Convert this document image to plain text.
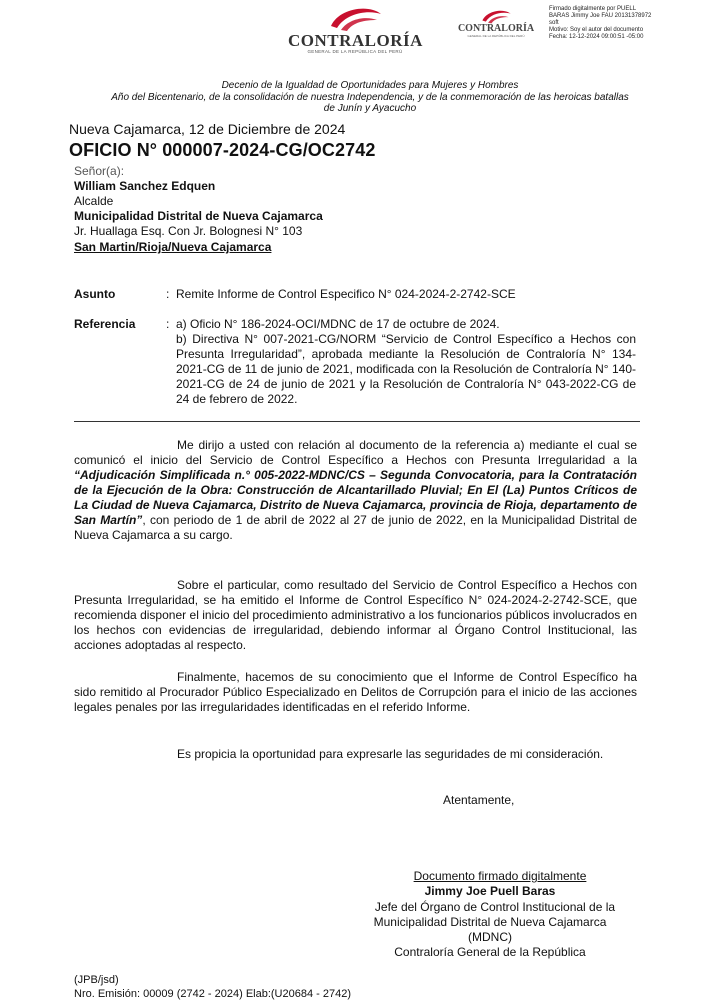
CONTRALORÍA
GENERAL DE LA REPÚBLICA DEL PERÚ
CONTRALORÍA
GENERAL DE LA REPÚBLICA DEL PERÚ
Firmado digitalmente por PUELL
BARAS Jimmy Joe FAU 20131378972
soft
Motivo: Soy el autor del documento
Fecha: 12-12-2024 09:00:51 -05:00
Decenio de la Igualdad de Oportunidades para Mujeres y Hombres
Año del Bicentenario, de la consolidación de nuestra Independencia, y de la conmemoración de las heroicas batallas
de Junín y Ayacucho
Nueva Cajamarca, 12 de Diciembre de 2024
OFICIO N° 000007-2024-CG/OC2742
Señor(a):
William Sanchez Edquen
Alcalde
Municipalidad Distrital de Nueva Cajamarca
Jr. Huallaga Esq. Con Jr. Bolognesi N° 103
San Martin/Rioja/Nueva Cajamarca
Asunto	: Remite Informe de Control Especifico N° 024-2024-2-2742-SCE
Referencia	: a) Oficio N° 186-2024-OCI/MDNC de 17 de octubre de 2024.
b) Directiva N° 007-2021-CG/NORM “Servicio de Control Específico a Hechos con Presunta Irregularidad”, aprobada mediante la Resolución de Contraloría N° 134-2021-CG de 11 de junio de 2021, modificada con la Resolución de Contraloría N° 140-2021-CG de 24 de junio de 2021 y la Resolución de Contraloría N° 043-2022-CG de 24 de febrero de 2022.
Me dirijo a usted con relación al documento de la referencia a) mediante el cual se comunicó el inicio del Servicio de Control Específico a Hechos con Presunta Irregularidad a la “Adjudicación Simplificada n.° 005-2022-MDNC/CS – Segunda Convocatoria, para la Contratación de la Ejecución de la Obra: Construcción de Alcantarillado Pluvial; En El (La) Puntos Críticos de La Ciudad de Nueva Cajamarca, Distrito de Nueva Cajamarca, provincia de Rioja, departamento de San Martín”, con periodo de 1 de abril de 2022 al 27 de junio de 2022, en la Municipalidad Distrital de Nueva Cajamarca a su cargo.
Sobre el particular, como resultado del Servicio de Control Específico a Hechos con Presunta Irregularidad, se ha emitido el Informe de Control Específico N° 024-2024-2-2742-SCE, que recomienda disponer el inicio del procedimiento administrativo a los funcionarios públicos involucrados en los hechos con evidencias de irregularidad, debiendo informar al Órgano Control Institucional, las acciones adoptadas al respecto.
Finalmente, hacemos de su conocimiento que el Informe de Control Específico ha sido remitido al Procurador Público Especializado en Delitos de Corrupción para el inicio de las acciones legales penales por las irregularidades identificadas en el referido Informe.
Es propicia la oportunidad para expresarle las seguridades de mi consideración.
Atentamente,
Documento firmado digitalmente
Jimmy Joe Puell Baras
Jefe del Órgano de Control Institucional de la
Municipalidad Distrital de Nueva Cajamarca
(MDNC)
Contraloría General de la República
(JPB/jsd)
Nro. Emisión: 00009 (2742 - 2024) Elab:(U20684 - 2742)
